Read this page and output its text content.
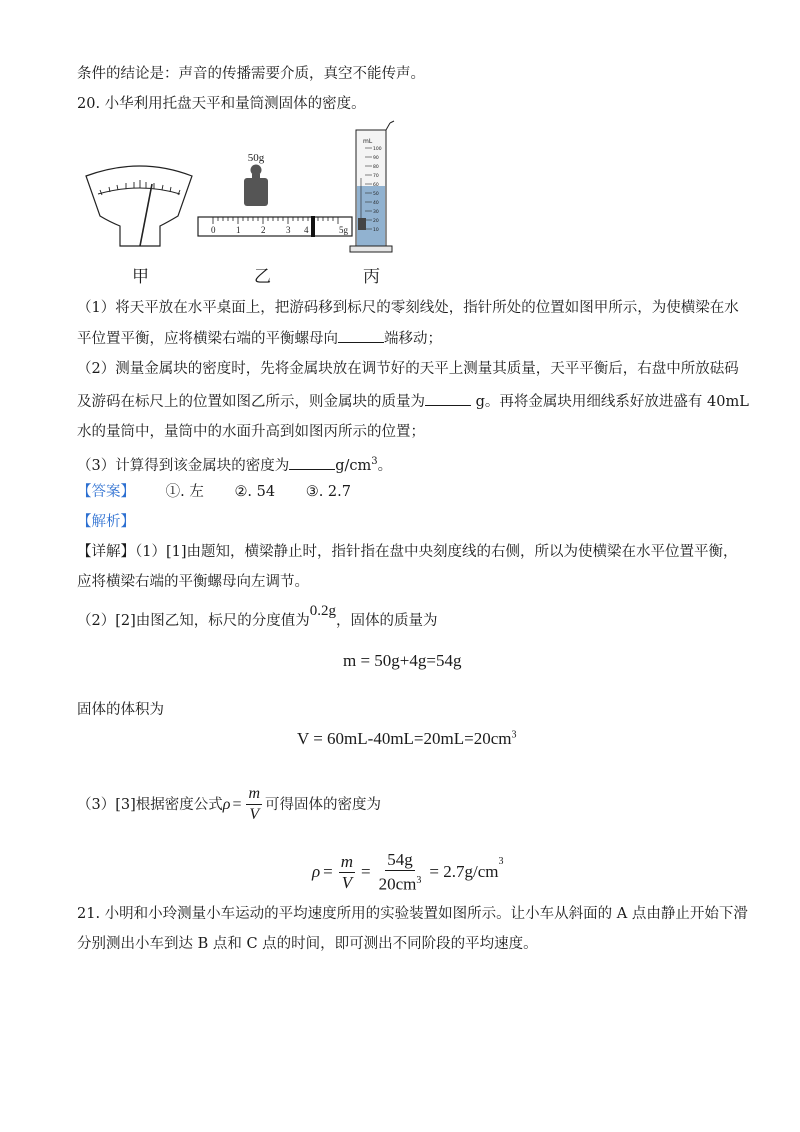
条件的结论是：声音的传播需要介质，真空不能传声。
20. 小华利用托盘天平和量筒测固体的密度。
50g
0 1 2 3 4	5g
mL
100
90
80
70
60
50
40
30
20
10
甲	乙	丙
（1）将天平放在水平桌面上，把游码移到标尺的零刻线处，指针所处的位置如图甲所示，为使横梁在水
平位置平衡，应将横梁右端的平衡螺母向	端移动；
（2）测量金属块的密度时，先将金属块放在调节好的天平上测量其质量，天平平衡后，右盘中所放砝码
及游码在标尺上的位置如图乙所示，则金属块的质量为	g。再将金属块用细线系好放进盛有 40mL
水的量筒中，量筒中的水面升高到如图丙所示的位置；
（3）计算得到该金属块的密度为	$g/cm^3$。
【答案】 ①. 左 ②. 54 ③. 2.7
【解析】
【详解】（1）[1]由题知，横梁静止时，指针指在盘中央刻度线的右侧，所以为使横梁在水平位置平衡，
应将横梁右端的平衡螺母向左调节。
（2）[2]由图乙知，标尺的分度值为0.2g，固体的质量为
m = 50g+4g=54g
固体的体积为
$V = 60mL-40mL=20mL=20cm^3$
（3）[3]根据密度公式 $\rho = \frac{m}{V}$ 可得固体的密度为
$\rho = \frac{m}{V} = \frac{54g}{20cm^3} = 2.7g/cm$
$^3$
21. 小明和小玲测量小车运动的平均速度所用的实验装置如图所示。让小车从斜面的 A 点由静止开始下滑
分别测出小车到达 B 点和 C 点的时间，即可测出不同阶段的平均速度。
